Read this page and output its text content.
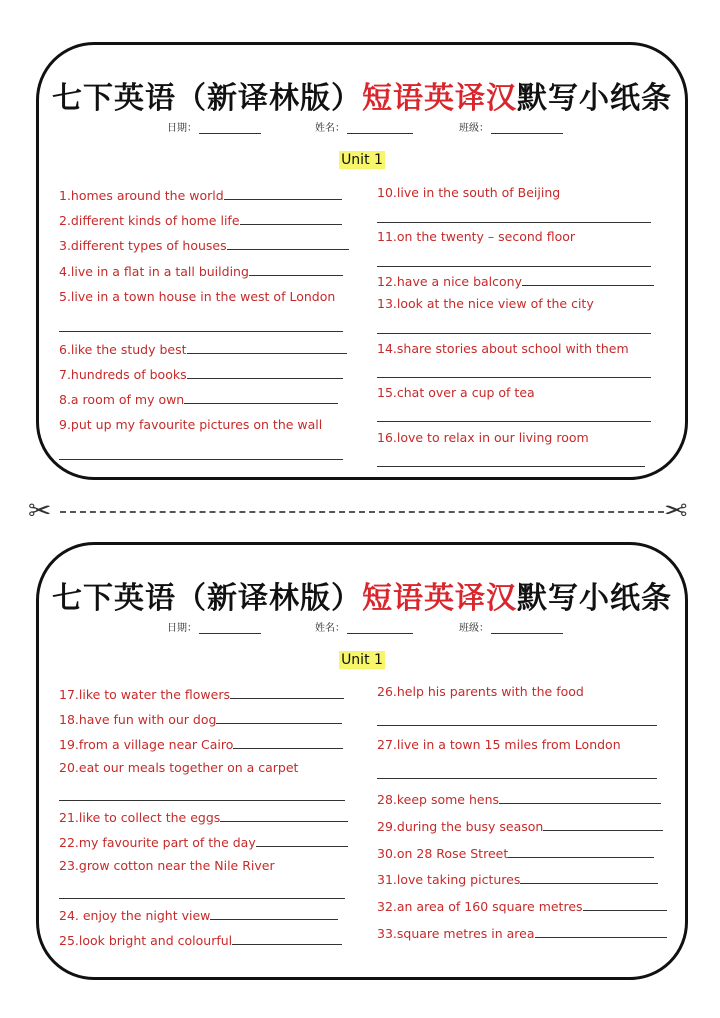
七下英语（新译林版）短语英译汉默写小纸条
日期：	姓名：	班级：
Unit 1
1.homes around the world
2.different kinds of home life
3.different types of houses
4.live in a flat in a tall building
5.live in a town house in the west of London
6.like the study best
7.hundreds of books
8.a room of my own
9.put up my favourite pictures on the wall
10.live in the south of Beijing
11.on the twenty – second floor
12.have a nice balcony
13.look at the nice view of the city
14.share stories about school with them
15.chat over a cup of tea
16.love to relax in our living room
✂	✂
七下英语（新译林版）短语英译汉默写小纸条
日期：	姓名：	班级：
Unit 1
17.like to water the flowers
18.have fun with our dog
19.from a village near Cairo
20.eat our meals together on a carpet
21.like to collect the eggs
22.my favourite part of the day
23.grow cotton near the Nile River
24. enjoy the night view
25.look bright and colourful
26.help his parents with the food
27.live in a town 15 miles from London
28.keep some hens
29.during the busy season
30.on 28 Rose Street
31.love taking pictures
32.an area of 160 square metres
33.square metres in area
